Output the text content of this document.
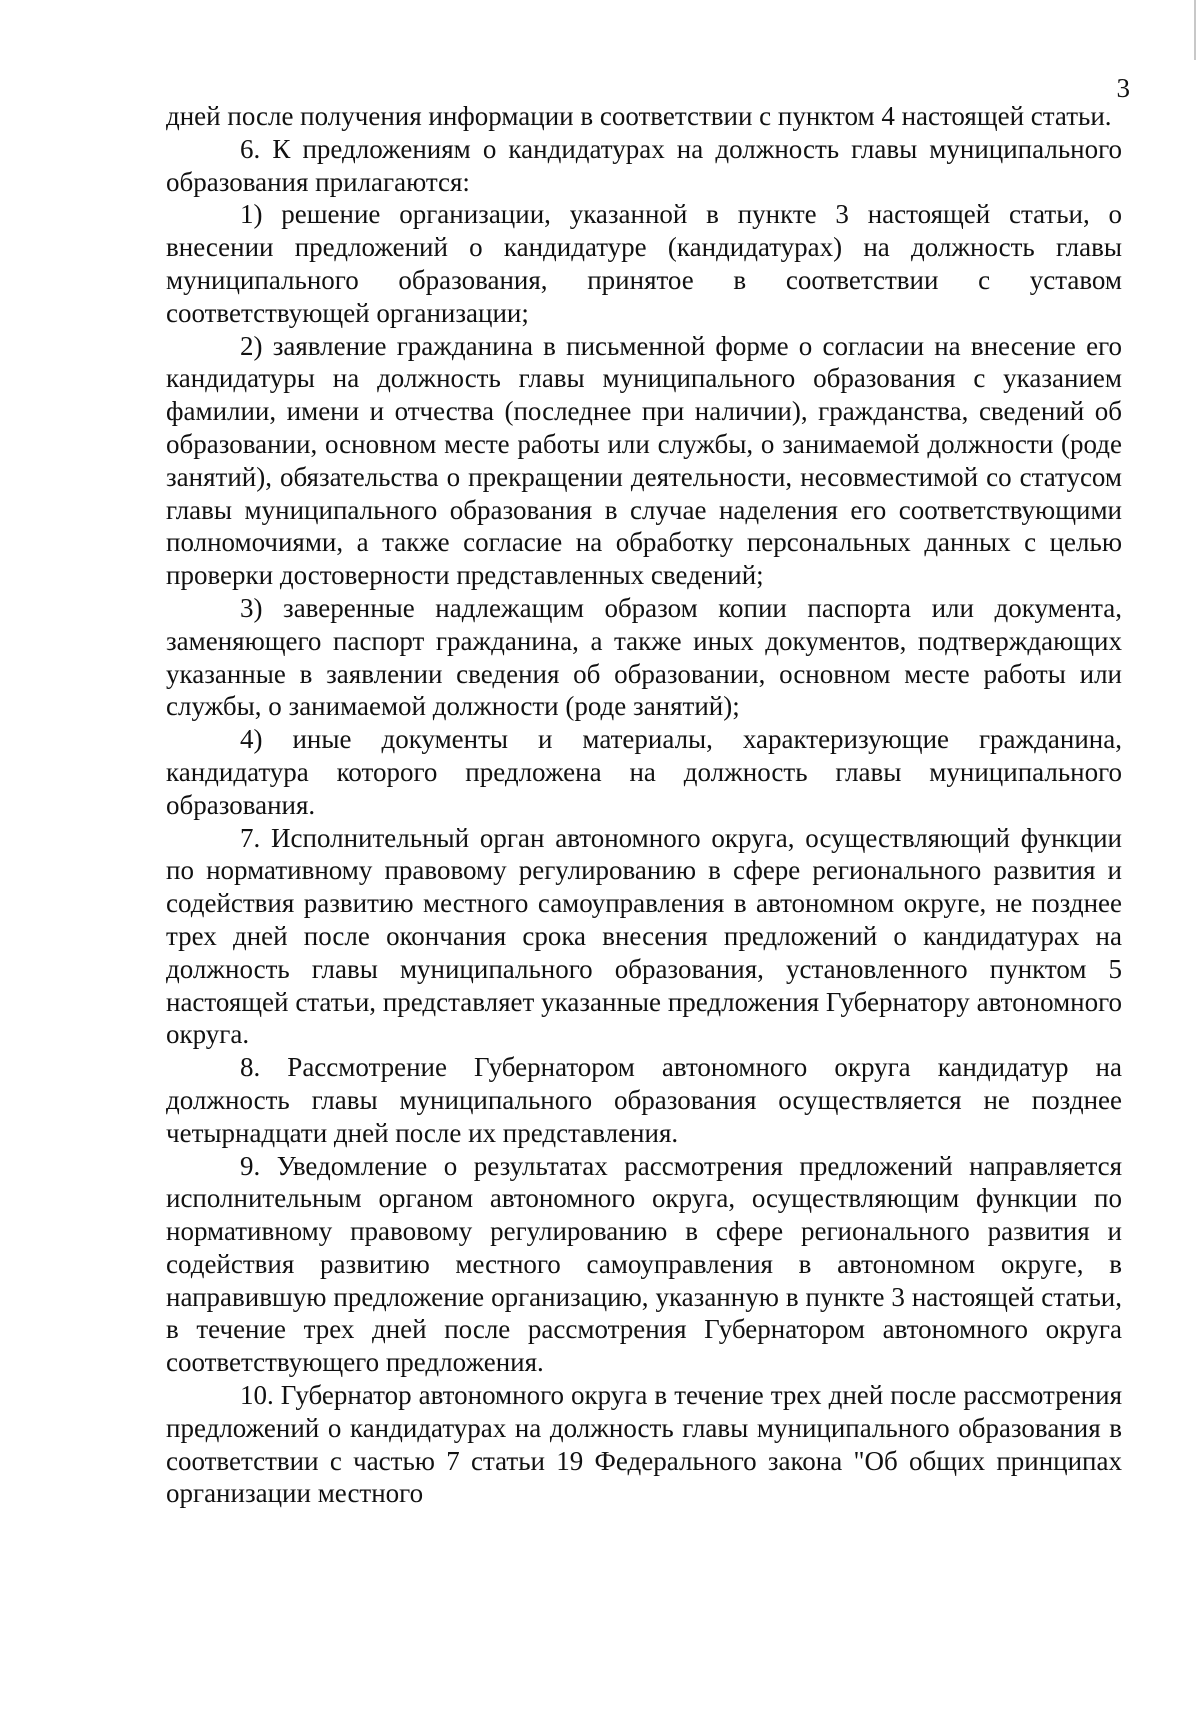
3

дней после получения информации в соответствии с пунктом 4 настоящей статьи.

6. К предложениям о кандидатурах на должность главы муниципального образования прилагаются:

1) решение организации, указанной в пункте 3 настоящей статьи, о внесении предложений о кандидатуре (кандидатурах) на должность главы муниципального образования, принятое в соответствии с уставом соответствующей организации;

2) заявление гражданина в письменной форме о согласии на внесение его кандидатуры на должность главы муниципального образования с указанием фамилии, имени и отчества (последнее при наличии), гражданства, сведений об образовании, основном месте работы или службы, о занимаемой должности (роде занятий), обязательства о прекращении деятельности, несовместимой со статусом главы муниципального образования в случае наделения его соответствующими полномочиями, а также согласие на обработку персональных данных с целью проверки достоверности представленных сведений;

3) заверенные надлежащим образом копии паспорта или документа, заменяющего паспорт гражданина, а также иных документов, подтверждающих указанные в заявлении сведения об образовании, основном месте работы или службы, о занимаемой должности (роде занятий);

4) иные документы и материалы, характеризующие гражданина, кандидатура которого предложена на должность главы муниципального образования.

7. Исполнительный орган автономного округа, осуществляющий функции по нормативному правовому регулированию в сфере регионального развития и содействия развитию местного самоуправления в автономном округе, не позднее трех дней после окончания срока внесения предложений о кандидатурах на должность главы муниципального образования, установленного пунктом 5 настоящей статьи, представляет указанные предложения Губернатору автономного округа.

8. Рассмотрение Губернатором автономного округа кандидатур на должность главы муниципального образования осуществляется не позднее четырнадцати дней после их представления.

9. Уведомление о результатах рассмотрения предложений направляется исполнительным органом автономного округа, осуществляющим функции по нормативному правовому регулированию в сфере регионального развития и содействия развитию местного самоуправления в автономном округе, в направившую предложение организацию, указанную в пункте 3 настоящей статьи, в течение трех дней после рассмотрения Губернатором автономного округа соответствующего предложения.

10. Губернатор автономного округа в течение трех дней после рассмотрения предложений о кандидатурах на должность главы муниципального образования в соответствии с частью 7 статьи 19 Федерального закона "Об общих принципах организации местного
